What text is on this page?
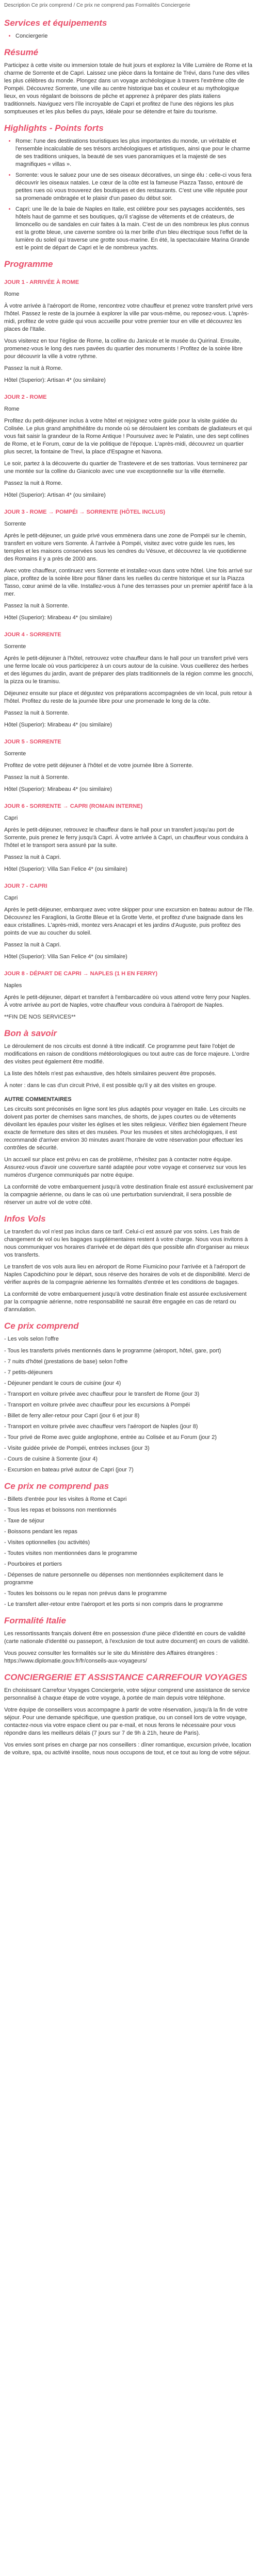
Description Ce prix comprend / Ce prix ne comprend pas Formalités Conciergerie
Services et équipements
• Conciergerie
Résumé

Participez à cette visite ou immersion totale de huit jours et explorez la Ville Lumière de Rome et la charme de Sorrente et de Capri. Laissez une pièce dans la fontaine de Trévi, dans l'une des villes les plus célèbres du monde. Plongez dans un voyage archéologique à travers l'extrême côte de Pompéi. Découvrez Sorrente, une ville au centre historique bas et couleur et au mythologique lieux, en vous régalant de boissons de pêche et apprenez à préparer des plats italiens traditionnels. Naviguez vers l'île incroyable de Capri et profitez de l'une des régions les plus somptueuses et les plus belles du pays, idéale pour se détendre et faire du tourisme.

Highlights - Points forts
• Rome: l'une des destinations touristiques les plus importantes du monde, un véritable et l'ensemble incalculable de ses trésors archéologiques et artistiques, ainsi que pour le charme de ses traditions uniques, la beauté de ses vues panoramiques et la majesté de ses magnifiques « villas ».
• Sorrente: vous le saluez pour une de ses oiseaux décoratives, un singe élu : celle-ci vous fera découvrir les oiseaux natales. Le cœur de la côte est la fameuse Piazza Tasso, entouré de petites rues où vous trouverez des boutiques et des restaurants. C'est une ville réputée pour sa promenade ombragée et le plaisir d'un paseo du début soir.
• Capri: une île de la baie de Naples en Italie, est célèbre pour ses paysages accidentés, ses hôtels haut de gamme et ses boutiques, qu'il s'agisse de vêtements et de créateurs, de limoncello ou de sandales en cuir faites à la main. C'est de un des nombreux les plus connus est la grotte bleue, une caverne sombre où la mer brille d'un bleu électrique sous l'effet de la lumière du soleil qui traverse une grotte sous-marine. En été, la spectaculaire Marina Grande est le point de départ de Capri et le de nombreux yachts.
Programme
JOUR 1 - ARRIVÉE À ROME

Rome

À votre arrivée à l'aéroport de Rome, rencontrez votre chauffeur et prenez votre transfert privé vers l'hôtel. Passez le reste de la journée à explorer la ville par vous-même, ou reposez-vous. L'après-midi, profitez de votre guide qui vous accueille pour votre premier tour en ville et découvrez les places de l'Italie.

Vous visiterez en tour l'église de Rome, la colline du Janicule et le musée du Quirinal. Ensuite, promenez-vous le long des rues pavées du quartier des monuments ! Profitez de la soirée libre pour découvrir la ville à votre rythme.

Passez la nuit à Rome.

Hôtel (Superior): Artisan 4* (ou similaire)

JOUR 2 - ROME

Rome

Profitez du petit-déjeuner inclus à votre hôtel et rejoignez votre guide pour la visite guidée du Colisée. Le plus grand amphithéâtre du monde où se déroulaient les combats de gladiateurs et qui vous fait saisir la grandeur de la Rome Antique ! Poursuivez avec le Palatin, une des sept collines de Rome, et le Forum, cœur de la vie politique de l'époque. L'après-midi, découvrez un quartier plus secret, la fontaine de Trevi, la place d'Espagne et Navona.

Le soir, partez à la découverte du quartier de Trastevere et de ses trattorias. Vous terminerez par une montée sur la colline du Gianicolo avec une vue exceptionnelle sur la ville éternelle.

Passez la nuit à Rome.

Hôtel (Superior): Artisan 4* (ou similaire)

JOUR 3 - ROME → POMPÉI → SORRENTE (HÔTEL INCLUS)

Sorrente

Après le petit-déjeuner, un guide privé vous emmènera dans une zone de Pompéi sur le chemin, transfert en voiture vers Sorrente. À l'arrivée à Pompéi, visitez avec votre guide les rues, les temples et les maisons conservées sous les cendres du Vésuve, et découvrez la vie quotidienne des Romains il y a près de 2000 ans.

Avec votre chauffeur, continuez vers Sorrente et installez-vous dans votre hôtel. Une fois arrivé sur place, profitez de la soirée libre pour flâner dans les ruelles du centre historique et sur la Piazza Tasso, cœur animé de la ville. Installez-vous à l'une des terrasses pour un premier apéritif face à la mer.

Passez la nuit à Sorrente.

Hôtel (Superior): Mirabeau 4* (ou similaire)

JOUR 4 - SORRENTE

Sorrente

Après le petit-déjeuner à l'hôtel, retrouvez votre chauffeur dans le hall pour un transfert privé vers une ferme locale où vous participerez à un cours autour de la cuisine. Vous cueillerez des herbes et des légumes du jardin, avant de préparer des plats traditionnels de la région comme les gnocchi, la pizza ou le tiramisu.

Déjeunez ensuite sur place et dégustez vos préparations accompagnées de vin local, puis retour à l'hôtel. Profitez du reste de la journée libre pour une promenade le long de la côte.

Passez la nuit à Sorrente.

Hôtel (Superior): Mirabeau 4* (ou similaire)

JOUR 5 - SORRENTE

Sorrente

Profitez de votre petit déjeuner à l'hôtel et de votre journée libre à Sorrente.

Passez la nuit à Sorrente.

Hôtel (Superior): Mirabeau 4* (ou similaire)

JOUR 6 - SORRENTE → CAPRI (ROMAIN INTERNE)

Capri

Après le petit-déjeuner, retrouvez le chauffeur dans le hall pour un transfert jusqu'au port de Sorrente, puis prenez le ferry jusqu'à Capri. À votre arrivée à Capri, un chauffeur vous conduira à l'hôtel et le transport sera assuré par la suite.

Passez la nuit à Capri.

Hôtel (Superior): Villa San Felice 4* (ou similaire)

JOUR 7 - CAPRI

Capri

Après le petit-déjeuner, embarquez avec votre skipper pour une excursion en bateau autour de l'île. Découvrez les Faraglioni, la Grotte Bleue et la Grotte Verte, et profitez d'une baignade dans les eaux cristallines. L'après-midi, montez vers Anacapri et les jardins d'Auguste, puis profitez des points de vue au coucher du soleil.

Passez la nuit à Capri.

Hôtel (Superior): Villa San Felice 4* (ou similaire)

JOUR 8 - DÉPART DE CAPRI → NAPLES (1 H EN FERRY)

Naples

Après le petit-déjeuner, départ et transfert à l'embarcadère où vous attend votre ferry pour Naples. À votre arrivée au port de Naples, votre chauffeur vous conduira à l'aéroport de Naples.

**FIN DE NOS SERVICES**

Bon à savoir

Le déroulement de nos circuits est donné à titre indicatif. Ce programme peut faire l'objet de modifications en raison de conditions météorologiques ou tout autre cas de force majeure. L'ordre des visites peut également être modifié.

La liste des hôtels n'est pas exhaustive, des hôtels similaires peuvent être proposés.

À noter : dans le cas d'un circuit Privé, il est possible qu'il y ait des visites en groupe.

AUTRE COMMENTAIRES

Les circuits sont préconisés en ligne sont les plus adaptés pour voyager en Italie. Les circuits ne doivent pas porter de chemises sans manches, de shorts, de jupes courtes ou de vêtements dévoilant les épaules pour visiter les églises et les sites religieux. Vérifiez bien également l'heure exacte de fermeture des sites et des musées. Pour les musées et sites archéologiques, il est recommandé d'arriver environ 30 minutes avant l'horaire de votre réservation pour effectuer les contrôles de sécurité.

Un accueil sur place est prévu en cas de problème, n'hésitez pas à contacter notre équipe. Assurez-vous d'avoir une couverture santé adaptée pour votre voyage et conservez sur vous les numéros d'urgence communiqués par notre équipe.

La conformité de votre embarquement jusqu'à votre destination finale est assuré exclusivement par la compagnie aérienne, ou dans le cas où une perturbation surviendrait, il sera possible de réserver un autre vol de votre côté.

Infos Vols

Le transfert du vol n'est pas inclus dans ce tarif. Celui-ci est assuré par vos soins. Les frais de changement de vol ou les bagages supplémentaires restent à votre charge. Nous vous invitons à nous communiquer vos horaires d'arrivée et de départ dès que possible afin d'organiser au mieux vos transferts.

Le transfert de vos vols aura lieu en aéroport de Rome Fiumicino pour l'arrivée et à l'aéroport de Naples Capodichino pour le départ, sous réserve des horaires de vols et de disponibilité. Merci de vérifier auprès de la compagnie aérienne les formalités d'entrée et les conditions de bagages.

La conformité de votre embarquement jusqu'à votre destination finale est assurée exclusivement par la compagnie aérienne, notre responsabilité ne saurait être engagée en cas de retard ou d'annulation.

Ce prix comprend

- Les vols selon l'offre

- Tous les transferts privés mentionnés dans le programme (aéroport, hôtel, gare, port)

- 7 nuits d'hôtel (prestations de base) selon l'offre

- 7 petits-déjeuners

- Déjeuner pendant le cours de cuisine (jour 4)

- Transport en voiture privée avec chauffeur pour le transfert de Rome (jour 3)

- Transport en voiture privée avec chauffeur pour les excursions à Pompéi

- Billet de ferry aller-retour pour Capri (jour 6 et jour 8)

- Transport en voiture privée avec chauffeur vers l'aéroport de Naples (jour 8)

- Tour privé de Rome avec guide anglophone, entrée au Colisée et au Forum (jour 2)

- Visite guidée privée de Pompéi, entrées incluses (jour 3)

- Cours de cuisine à Sorrente (jour 4)

- Excursion en bateau privé autour de Capri (jour 7)

Ce prix ne comprend pas

- Billets d'entrée pour les visites à Rome et Capri

- Tous les repas et boissons non mentionnés

- Taxe de séjour

- Boissons pendant les repas

- Visites optionnelles (ou activités)

- Toutes visites non mentionnées dans le programme

- Pourboires et portiers

- Dépenses de nature personnelle ou dépenses non mentionnées explicitement dans le programme

- Toutes les boissons ou le repas non prévus dans le programme

- Le transfert aller-retour entre l'aéroport et les ports si non compris dans le programme

Formalité Italie

Les ressortissants français doivent être en possession d'une pièce d'identité en cours de validité (carte nationale d'identité ou passeport, à l'exclusion de tout autre document) en cours de validité.

Vous pouvez consulter les formalités sur le site du Ministère des Affaires étrangères : https://www.diplomatie.gouv.fr/fr/conseils-aux-voyageurs/

CONCIERGERIE ET ASSISTANCE CARREFOUR VOYAGES

En choisissant Carrefour Voyages Conciergerie, votre séjour comprend une assistance de service personnalisé à chaque étape de votre voyage, à portée de main depuis votre téléphone.

Votre équipe de conseillers vous accompagne à partir de votre réservation, jusqu'à la fin de votre séjour. Pour une demande spécifique, une question pratique, ou un conseil lors de votre voyage, contactez-nous via votre espace client ou par e-mail, et nous ferons le nécessaire pour vous répondre dans les meilleurs délais (7 jours sur 7 de 9h à 21h, heure de Paris).

Vos envies sont prises en charge par nos conseillers : dîner romantique, excursion privée, location de voiture, spa, ou activité insolite, nous nous occupons de tout, et ce tout au long de votre séjour.
